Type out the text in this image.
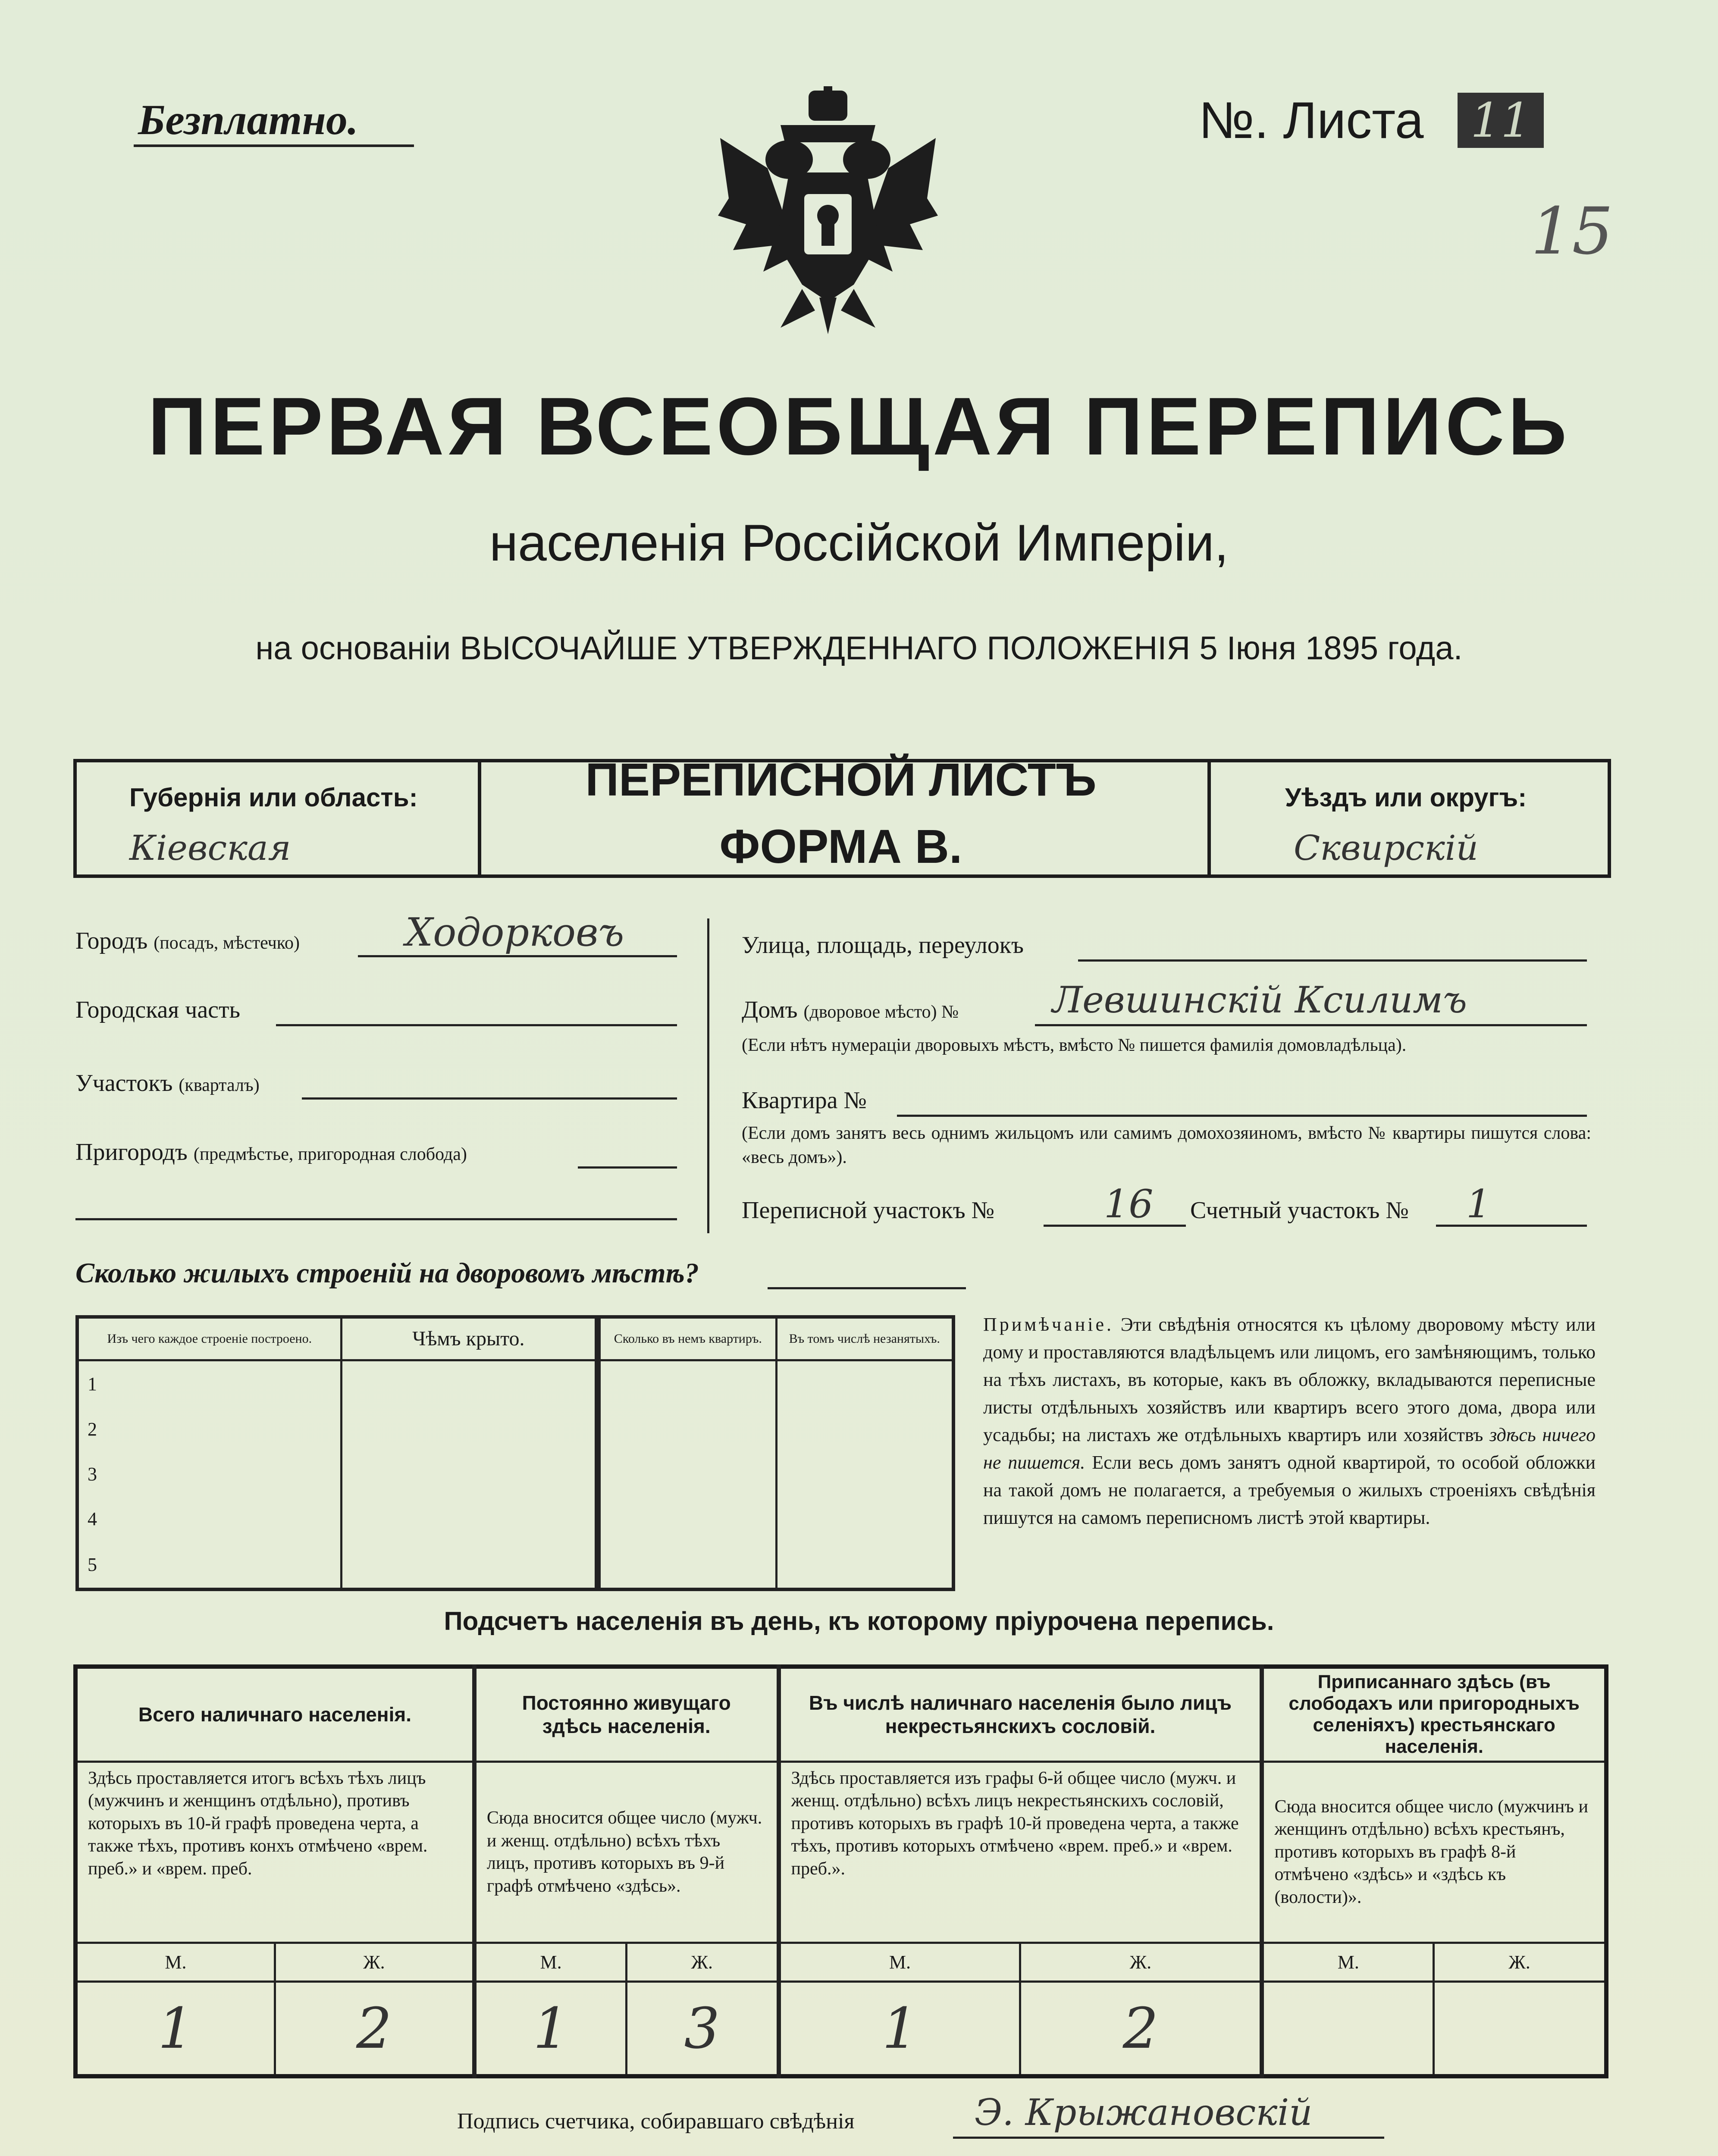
Безплатно.	№. Листа 11
15
ПЕРВАЯ ВСЕОБЩАЯ ПЕРЕПИСЬ
населенія Россійской Имперіи,
на основаніи ВЫСОЧАЙШЕ УТВЕРЖДЕННАГО ПОЛОЖЕНІЯ 5 Іюня 1895 года.
Губернія или область:
Кіевская
ПЕРЕПИСНОЙ ЛИСТЪ
ФОРМА В.
Уѣздъ или округъ:
Сквирскій
Городъ (посадъ, мѣстечко)	Ходорковъ
Городская часть
Участокъ (кварталъ)
Пригородъ (предмѣстье, пригородная слобода)
Улица, площадь, переулокъ
Домъ (дворовое мѣсто) №	Левшинскій Ксилимъ
(Если нѣтъ нумераціи дворовыхъ мѣстъ, вмѣсто № пишется фамилія домовладѣльца).
Квартира №
(Если домъ занятъ весь однимъ жильцомъ или самимъ домохозяиномъ, вмѣсто № квартиры пишутся слова: «весь домъ»).
Переписной участокъ №	16 Счетный участокъ № 1
Сколько жилыхъ строеній на дворовомъ мѣстѣ?
Изъ чего каждое строеніе построено.	Чѣмъ крыто.	Сколько въ немъ квартиръ.	Въ томъ числѣ незанятыхъ.
1			
2			
3			
4			
5			
Примѣчаніе. Эти свѣдѣнія относятся къ цѣлому дворовому мѣсту или дому и проставляются владѣльцемъ или лицомъ, его замѣняющимъ, только на тѣхъ листахъ, въ которые, какъ въ обложку, вкладываются переписные листы отдѣльныхъ хозяйствъ или квартиръ всего этого дома, двора или усадьбы; на листахъ же отдѣльныхъ квартиръ или хозяйствъ здѣсь ничего не пишется. Если весь домъ занятъ одной квартирой, то особой обложки на такой домъ не полагается, а требуемыя о жилыхъ строеніяхъ свѣдѣнія пишутся на самомъ переписномъ листѣ этой квартиры.
Подсчетъ населенія въ день, къ которому пріурочена перепись.
Всего наличнаго населенія.		Постоянно живущаго здѣсь населенія.		Въ числѣ наличнаго населенія было лицъ некрестьянскихъ сословій.		Приписаннаго здѣсь (въ слободахъ или пригородныхъ селеніяхъ) крестьянскаго населенія.	
Здѣсь проставляется итогъ всѣхъ тѣхъ лицъ (мужчинъ и женщинъ отдѣльно), противъ которыхъ въ 10-й графѣ проведена черта, а также тѣхъ, противъ конхъ отмѣчено «врем. преб.» и «врем. преб.		Сюда вносится общее число (мужч. и женщ. отдѣльно) всѣхъ тѣхъ лицъ, противъ которыхъ въ 9-й графѣ отмѣчено «здѣсь».		Здѣсь проставляется изъ графы 6-й общее число (мужч. и женщ. отдѣльно) всѣхъ лицъ некрестьянскихъ сословій, противъ которыхъ въ графѣ 10-й проведена черта, а также тѣхъ, противъ которыхъ отмѣчено «врем. преб.» и «врем. преб.».		Сюда вносится общее число (мужчинъ и женщинъ отдѣльно) всѣхъ крестьянъ, противъ которыхъ въ графѣ 8-й отмѣчено «здѣсь» и «здѣсь къ (волости)».	
М.	Ж.	М.	Ж.	М.	Ж.	М.	Ж.
1	2	1	3	1	2		
Подпись счетчика, собиравшаго свѣдѣнія	Э. Крыжановскій
